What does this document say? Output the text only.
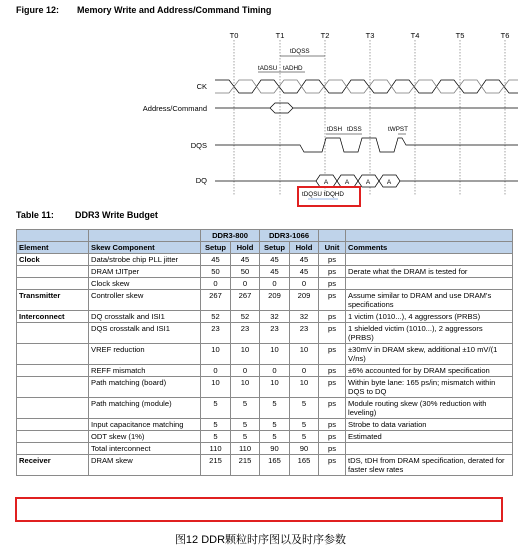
Figure 12: Memory Write and Address/Command Timing
T0	T1	T2	T3	T4	T5	T6
CK
Address/Command
DQS
DQ	A	A	A	A
tDQSS
tADSU tADHD
tDSH tDSS	tWPST
tDQSU tDQHD
Table 11: DDR3 Write Budget
		DDR3-800		DDR3-1066			
Element	Skew Component	Setup	Hold	Setup	Hold	Unit	Comments
Clock	Data/strobe chip PLL jitter	45	45	45	45	ps	
	DRAM tJITper	50	50	45	45	ps	Derate what the DRAM is tested for
	Clock skew	0	0	0	0	ps	
Transmitter	Controller skew	267	267	209	209	ps	Assume similar to DRAM and use DRAM's specifications
Interconnect	DQ crosstalk and ISI1	52	52	32	32	ps	1 victim (1010...), 4 aggressors (PRBS)
	DQS crosstalk and ISI1	23	23	23	23	ps	1 shielded victim (1010...), 2 aggressors (PRBS)
	VREF reduction	10	10	10	10	ps	±30mV in DRAM skew, additional ±10 mV/(1 V/ns)
	REFF mismatch	0	0	0	0	ps	±6% accounted for by DRAM specification
	Path matching (board)	10	10	10	10	ps	Within byte lane: 165 ps/in; mismatch within DQS to DQ
	Path matching (module)	5	5	5	5	ps	Module routing skew (30% reduction with leveling)
	Input capacitance matching	5	5	5	5	ps	Strobe to data variation
	ODT skew (1%)	5	5	5	5	ps	Estimated
	Total interconnect	110	110	90	90	ps	
Receiver	DRAM skew	215	215	165	165	ps	tDS, tDH from DRAM specification, derated for faster slew rates
图12 DDR颗粒时序图以及时序参数
